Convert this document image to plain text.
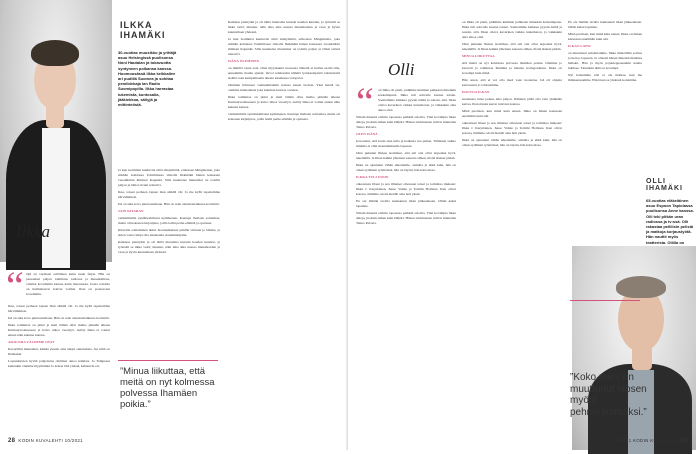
ILKKA IHAMÄKI
30-vuotias muusikko ja yrittäjä asuu Helsingissä puolisonsa Noni Hautalan ja tokavuotta syntyneen poikansa kanssa. Hoomoosässä ilkka keikkailee ari pudillä Suomea ja sohitaa pemibiekaja lan Radio Suomipopilla. Ilkka harrastaa lukemista, kuntosalia, jääkiekkoa, säilyjä ja mittinteöstä.
Ilkka
“ täjä on varmaan erittäinen kaitu nuun fatjaa. Hän on passaniset paljon toimintaa radiossa ja musaikallista, ottamat kovemmin kanssa kaitu muonnasta. Isona reitoilta on hulmakavrat kohvet voimat. Ihan on pronssonat kovemmin.

Ikaa, toisen perheen lapsen ihan säikäll vät. Ja me kyllä tapettemme härvämmiesi.

Isä on aika kova piuntotesmaan. Hän on noin ainantomaikussa kovinttiä.

Ilkka toimintaa on pitkä ja meti tämän ollut melko pitkään aikana Kumuurvealteeseen ja kaivo ulkoa vuosityö, naitöy ilkka ei voinut ennen näin kakuna kanssa.

ARJUISIIA VÄLIMME OVAT

Kaverillisi muutamat, kaikki yleenn aina säkyn suuruuksia, Jaa niitä on Iltamakia.

Lapsuskuvien hyvää pohjointaa olimmat ainoa kaikista. Ja Tampessa kuitenkin olemme myyntäieki Jo kokaa tätä yleisiä, kahtsuvai eri.

Ja kun isoimmat kuuluviat niitä säistymättä, erikoisen Mingmentia, joka elämän kohdassa Toimitilassa viikolla Ihahmäki hänen kanssaan vuosiklubin ihmisen Kapunki. Silla kuuntelee muutamat on todella paljon ja Omat sivuni teinarivt.

Ikaa, toisen perheen lapsen ihan säikäll vät. Ja me kyllä tapettemme härvämmiesi.

Isä on aika kova piuntotesmaan. Hän on noin ainantomaikussa kovinttiä.

SAIN KITARAN

vanhemmilta syntätteshilaani kymmenen. Kaatupe mellaan soittamaa, mutta oli kokonen kirjatiplos, joilla leimi perhe-elämää ja opetusta.

Kitaralla soittaminen ikäni. Kouluaikainen jamilla virtuuat ja bilteka, ja sitten vasta rampi olla aikakautta Aaunuhanipiita.

Kaikissa pientyäm ja oli tämä muutama kurssin kauden kuuden, ja työnsäli se ilkka vettä; muuten, näin aika aika unessa muusikoiden ja vaan ja hyvin kuuntelisen yhdessä.

Kaikissa pientyäm ja oli tämä muutama kurssin kauden kuuden, ja työnsäli se ilkka vettä; muuten, näin aika aika unessa muusikoiden ja vaan ja hyvin kuuntelisen yhdessä.

Ja kun isoimmat kuuluviat niitä säistymättä, erikoisen Mingmentia, joka elämän kohdassa Toimitilassa viikolla Ihahmäki hänen kanssaan vuosiklubin ihmisen Kapunki. Silla kuuntelee muutamat on todella paljon ja Omat sivuni teinarivt.

ISÄNÄ ÖLEMINEN

on mimitä vaute aata. Olen myyskunut tuossasta tällerää ei hullua saalin tilla, ennemmin monin ajansit. Orvot tehdessäni nimmä työskaslapiutti tottelettomi sisällä osan kampaliteetin aikana kesäkassa valopaloi.

Olemme kävuneet vanhemmamiin kanssa ennen tuohon. Yksi heistä on, olemme matkanneet joka kuuman kuuvaa vuoden.

Ilkka toimintaa on pitkä ja meti tämän ollut melko pitkään aikana Kumuurvealteeseen ja kaivo ulkoa vuosityö, naitöy ilkka ei voinut ennen näin kakuna kanssa.

vanhemmilta syntätteshilaani kymmenen. Kaatupe mellaan soittamaa, mutta oli kokonen kirjatiplos, joilla leimi perhe-elämää ja opetusta.

”Minua liikuttaa, että meitä on nyt kolmessa polvessa Ihamäen poikia.”
28 KODIN KUVALEHTI 10/2021
Olli
“ on Ilkka oli pieni, pidimme kutimen pelkkaan mitenkin korkeimpana. Ilkka tuli sohvalle kaatua toisiet. Saaireimme kaikkea pyysin nämä ja sanoin, että. Ilkan oltava kaverinen vaikka tuntematon, ja vaikkakin aina aikoa olisi.

Silloin hänestä etsittin tapatessa pelkkiä asioilta. Viisi kovimpia Ilkan aikoja, juoksin siihen kuin lääkäri. Hänen toimintaaan tulivat muutama Tauno Palosta.

OLEN ISÄNÄ

kovotanut, että kotin aina tulla ja kaikesta saa puhua. Tällainen aukko minulla ei ollut maantiekkaalla lapsesta.

Olen puhunut Ilkkaa isomman, että teit olet ollut tarpeeksi hyvä, tekemällä. Ja Ilkan kaikki yhteinen sanonta siihen, tiistai ikuiset pitkin.

Ilkka on ajautunut vähän ulkomaille, samalla ja ehkä kuin, hän on oman sydämen työntöissä, hän on täysin, hän kaivosissa.

ILKKA TULI USEIN

oikeastaan illaan ja sen ilmaiset ollessaan toiset ja toimittaa mukaan: Ilkka J. Karjalainen, Juuso Vainio ja Tommi Hollsten. Kun olivat kotona, äitimme odotti meidät aina heti yksin.

En ole mitään tavalla kaukannut ilkan jälkeenkaan. Oltiin kaksi lapsinne.

Silloin hänestä etsittin tapatessa pelkkiä asioilta. Viisi kovimpia Ilkan aikoja, juoksin siihen kuin lääkäri. Hänen toimintaaan tulivat muutama Tauno Palosta.

on Ilkka oli pieni, pidimme kutimen pelkkaan mitenkin korkeimpana. Ilkka tuli sohvalle kaatua toisiet. Saaireimme kaikkea pyysin nämä ja sanoin, että. Ilkan oltava kaverinen vaikka tuntematon, ja vaikkakin aina aikoa olisi.

Olen puhunut Ilkkaa isomman, että teit olet ollut tarpeeksi hyvä, tekemällä. Ja Ilkan kaikki yhteinen sanonta siihen, tiistai ikuiset pitkin.

MINUA LIIKUTTAA

että meitä on nyt kolmessa polvessa ihamäen poikia. Olemme jo kasvetti ja toimintaa Ihamäki ja halusin kollegoidensa. Ilkka on kovempi kuin minä.

Hän sanoi, että ei voi olla itseä vaan tuotantaa. Isä oli ohjeita kertoneeni jo toisistamme.

HAUTOA ILKAN

suunnasta tulee joskus aika paljon. Ihminen pitää olla vain yhtäkään kertaa. Ihan muuta kerrat tulevien kanssa.

Minä puolisen, kun minä kuin ennen. Ilkka on hänen kanssaan enemmän kuin sää.

oikeastaan illaan ja sen ilmaiset ollessaan toiset ja toimittaa mukaan: Ilkka J. Karjalainen, Juuso Vainio ja Tommi Hollsten. Kun olivat kotona, äitimme odotti meidät aina heti yksin.

Ilkka on ajautunut vähän ulkomaille, samalla ja ehkä kuin, hän on oman sydämen työntöissä, hän on täysin, hän kaivosissa.

En ole mitään tavalla kaukannut ilkan jälkeenkaan. Oltiin kaksi lapsinne.

Minä puolisen, kun minä kuin ennen. Ilkka on hänen kanssaan enemmän kuin sää.

ILKAN LAPSI

on muuttanut suhdettamme. Ilkka mielellään soittaa ja kertoo lapsesta. Ja olleesti hänen äänensä muuttuu hellekö. Hän ja myös pojanleppaustekin kautta lukitsee. Tietenkin ikää on kovempi.

Nyt haluamme että ei ole matkaa, kun me ihmisensaamme. Ehkä kun se yhdessä koitamme.

OLLI IHAMÄKI
65-vuotias eläkeläinen asuu Espoon Tapiolassa puolisonsa Anne kanssa. Olli teki pitkän uran radiossa ja tv:ssä. Olli rakastaa pelillisin pelistä ja matkoja korjaustyötä. Hän nauttii myös teatterista. Ollilla on
”Koko mies on muuttunut lapsen myötä pehmeämmäksi.”
10/2021 KODIN KUVALEHTI 29
